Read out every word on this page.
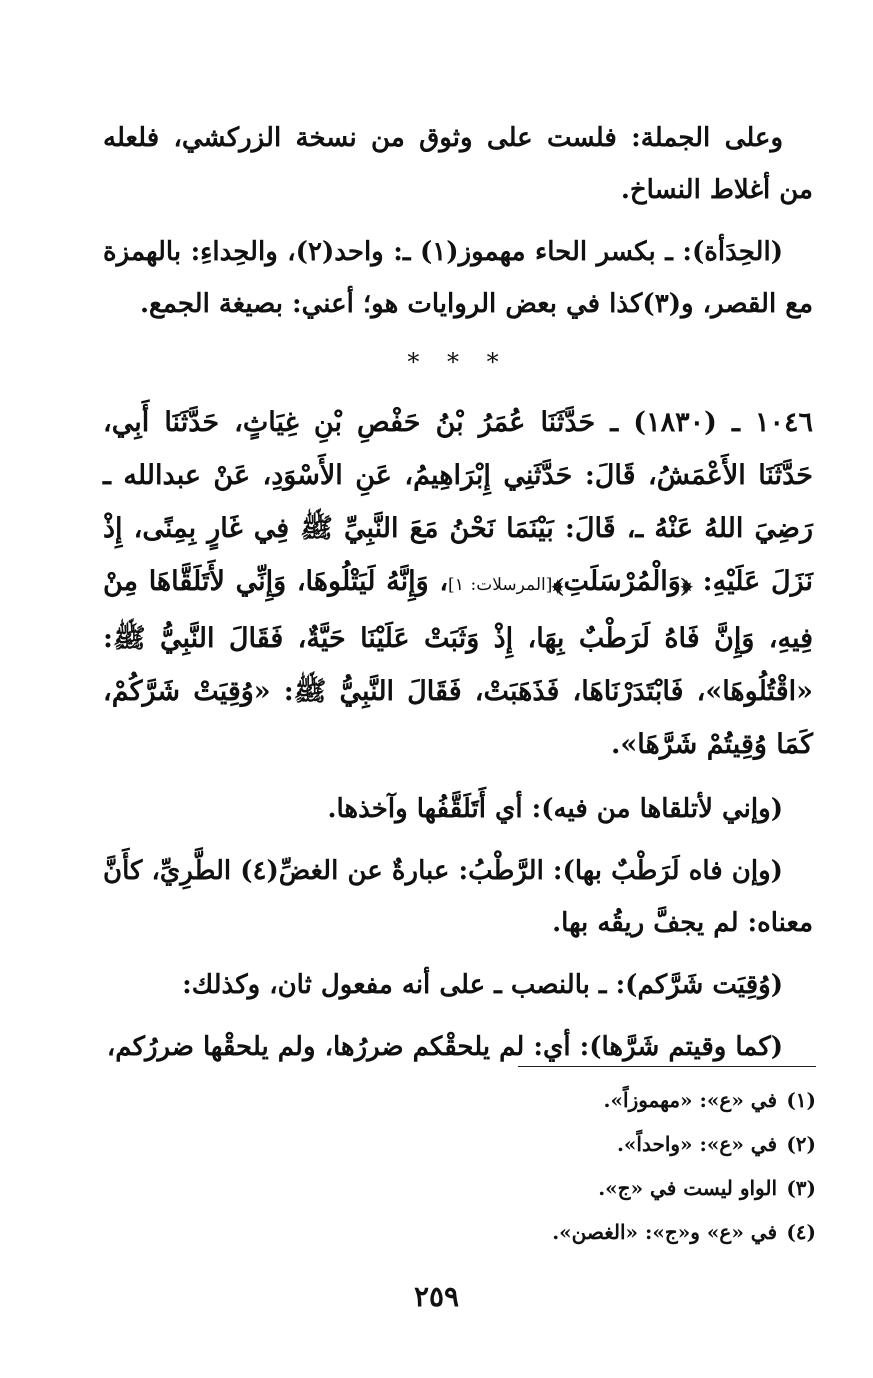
وعلى الجملة: فلست على وثوق من نسخة الزركشي، فلعله من أغلاط النساخ.

(الحِدَأة): ـ بكسر الحاء مهموز(١) ـ: واحد(٢)، والحِداءِ: بالهمزة مع القصر، و(٣)كذا في بعض الروايات هو؛ أعني: بصيغة الجمع.

* * *

١٠٤٦ ـ (١٨٣٠) ـ حَدَّثَنَا عُمَرُ بْنُ حَفْصِ بْنِ غِيَاثٍ، حَدَّثَنَا أَبِي، حَدَّثَنَا الأَعْمَشُ، قَالَ: حَدَّثَنِي إِبْرَاهِيمُ، عَنِ الأَسْوَدِ، عَنْ عبدالله ـ رَضِيَ اللهُ عَنْهُ ـ، قَالَ: بَيْنَمَا نَحْنُ مَعَ النَّبِيِّ ﷺ فِي غَارٍ بِمِنًى، إِذْ نَزَلَ عَلَيْهِ: ﴿وَالْمُرْسَلَتِ﴾[المرسلات: ١]، وَإِنَّهُ لَيَتْلُوهَا، وَإِنِّي لأَتَلَقَّاهَا مِنْ فِيهِ، وَإِنَّ فَاهُ لَرَطْبٌ بِهَا، إِذْ وَثَبَتْ عَلَيْنَا حَيَّةٌ، فَقَالَ النَّبِيُّ ﷺ: «اقْتُلُوهَا»، فَابْتَدَرْنَاهَا، فَذَهَبَتْ، فَقَالَ النَّبِيُّ ﷺ: «وُقِيَتْ شَرَّكُمْ، كَمَا وُقِيتُمْ شَرَّهَا».

(وإني لأتلقاها من فيه): أي أَتَلَقَّفُها وآخذها.

(وإن فاه لَرَطْبٌ بها): الرَّطْبُ: عبارةٌ عن الغضِّ(٤) الطَّرِيِّ، كأَنَّ معناه: لم يجفَّ ريقُه بها.

(وُقِيَت شَرَّكم): ـ بالنصب ـ على أنه مفعول ثان، وكذلك:

(كما وقيتم شَرَّها): أي: لم يلحقْكم ضررُها، ولم يلحقْها ضررُكم،

(١) في «ع»: «مهموزاً».
(٢) في «ع»: «واحداً».
(٣) الواو ليست في «ج».
(٤) في «ع» و«ج»: «الغصن».
٢٥٩
